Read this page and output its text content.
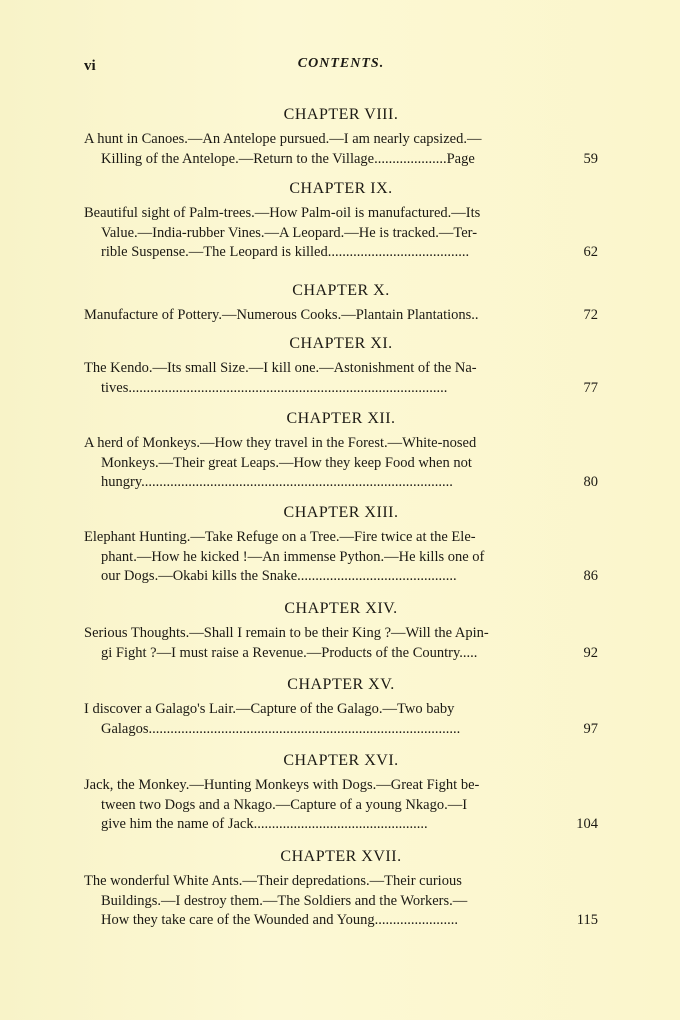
vi	CONTENTS.
CHAPTER VIII.
A hunt in Canoes.—An Antelope pursued.—I am nearly capsized.—
Killing of the Antelope.—Return to the Village....................Page	59
CHAPTER IX.
Beautiful sight of Palm-trees.—How Palm-oil is manufactured.—Its
Value.—India-rubber Vines.—A Leopard.—He is tracked.—Ter-
rible Suspense.—The Leopard is killed.......................................	62
CHAPTER X.
Manufacture of Pottery.—Numerous Cooks.—Plantain Plantations..	72
CHAPTER XI.
The Kendo.—Its small Size.—I kill one.—Astonishment of the Na-
tives........................................................................................	77
CHAPTER XII.
A herd of Monkeys.—How they travel in the Forest.—White-nosed
Monkeys.—Their great Leaps.—How they keep Food when not
hungry......................................................................................	80
CHAPTER XIII.
Elephant Hunting.—Take Refuge on a Tree.—Fire twice at the Ele-
phant.—How he kicked !—An immense Python.—He kills one of
our Dogs.—Okabi kills the Snake............................................	86
CHAPTER XIV.
Serious Thoughts.—Shall I remain to be their King ?—Will the Apin-
gi Fight ?—I must raise a Revenue.—Products of the Country.....	92
CHAPTER XV.
I discover a Galago's Lair.—Capture of the Galago.—Two baby
Galagos......................................................................................	97
CHAPTER XVI.
Jack, the Monkey.—Hunting Monkeys with Dogs.—Great Fight be-
tween two Dogs and a Nkago.—Capture of a young Nkago.—I
give him the name of Jack................................................	104
CHAPTER XVII.
The wonderful White Ants.—Their depredations.—Their curious
Buildings.—I destroy them.—The Soldiers and the Workers.—
How they take care of the Wounded and Young.......................	115
